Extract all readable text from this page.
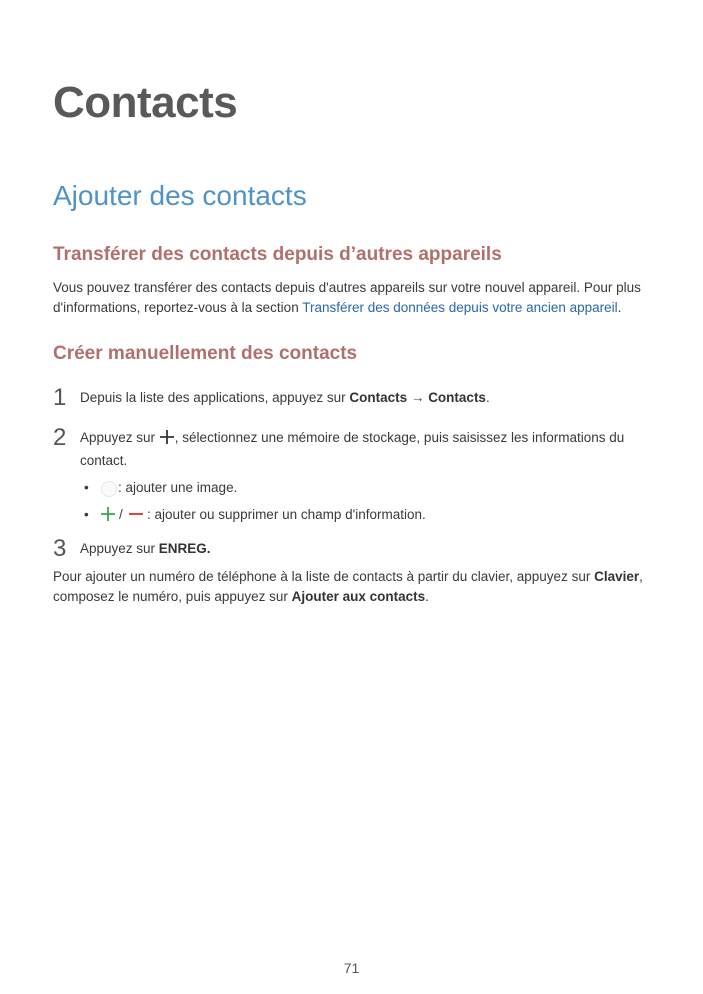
Contacts
Ajouter des contacts
Transférer des contacts depuis d’autres appareils

Vous pouvez transférer des contacts depuis d'autres appareils sur votre nouvel appareil. Pour plus d'informations, reportez-vous à la section Transférer des données depuis votre ancien appareil.

Créer manuellement des contacts
1 Depuis la liste des applications, appuyez sur Contacts → Contacts.

2 Appuyez sur , sélectionnez une mémoire de stockage, puis saisissez les informations du contact.

• : ajouter une image.

• / : ajouter ou supprimer un champ d'information.

3 Appuyez sur ENREG.

Pour ajouter un numéro de téléphone à la liste de contacts à partir du clavier, appuyez sur Clavier, composez le numéro, puis appuyez sur Ajouter aux contacts.

71
